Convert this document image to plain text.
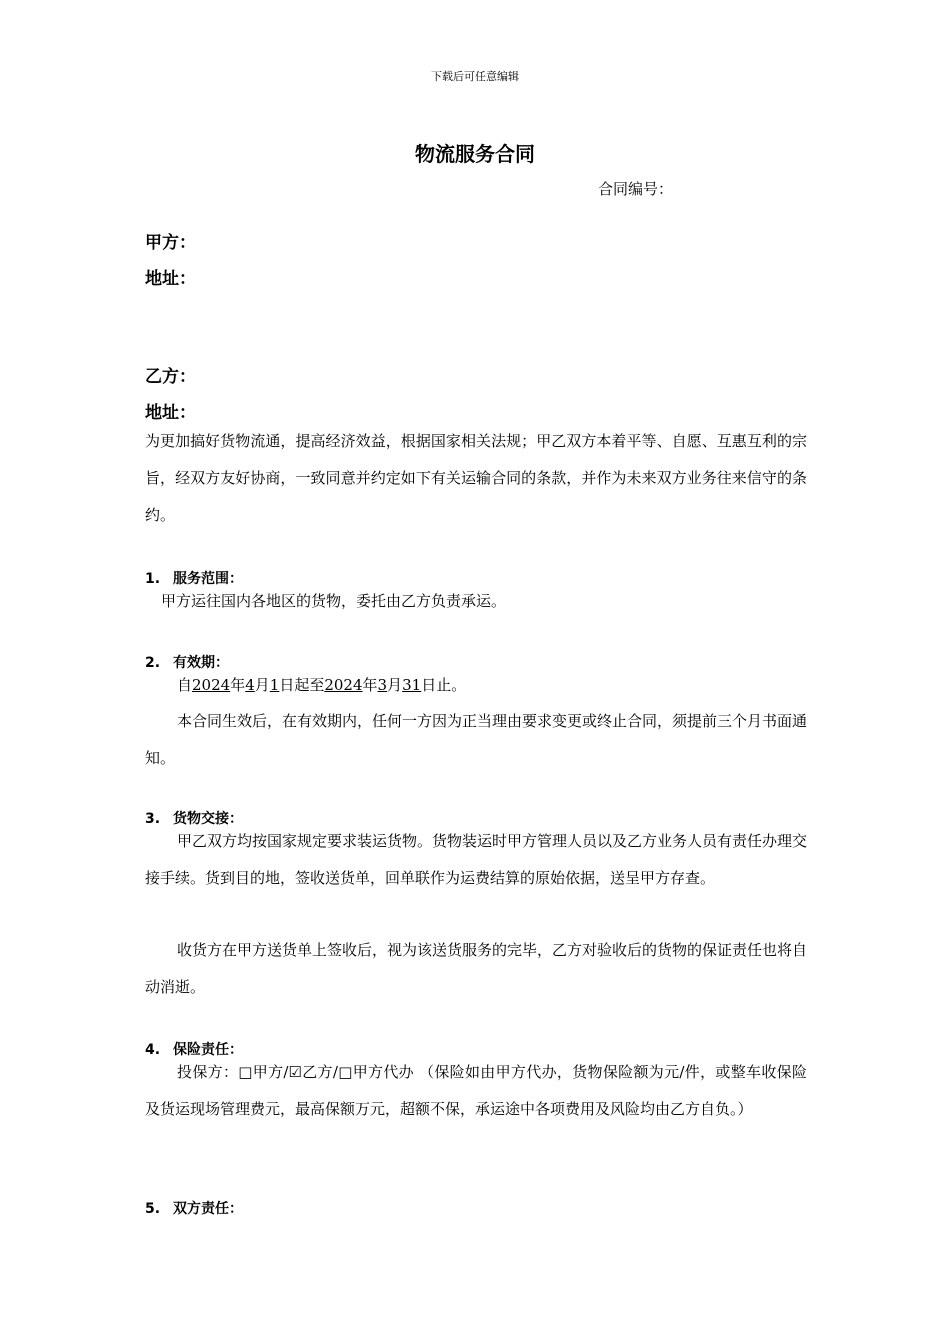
下载后可任意编辑
物流服务合同
合同编号：
甲方：
地址：
乙方：
地址：

为更加搞好货物流通，提高经济效益，根据国家相关法规；甲乙双方本着平等、自愿、互惠互利的宗旨，经双方友好协商，一致同意并约定如下有关运输合同的条款，并作为未来双方业务往来信守的条约。

1. 服务范围：

甲方运往国内各地区的货物，委托由乙方负责承运。

2. 有效期：

自2024年4月1日起至2024年3月31日止。

本合同生效后，在有效期内，任何一方因为正当理由要求变更或终止合同，须提前三个月书面通知。

3. 货物交接：

甲乙双方均按国家规定要求装运货物。货物装运时甲方管理人员以及乙方业务人员有责任办理交接手续。货到目的地，签收送货单，回单联作为运费结算的原始依据，送呈甲方存查。

收货方在甲方送货单上签收后，视为该送货服务的完毕，乙方对验收后的货物的保证责任也将自动消逝。

4. 保险责任：

投保方：□甲方/☑乙方/□甲方代办 （保险如由甲方代办，货物保险额为元/件，或整车收保险及货运现场管理费元，最高保额万元，超额不保，承运途中各项费用及风险均由乙方自负。）

5. 双方责任：
